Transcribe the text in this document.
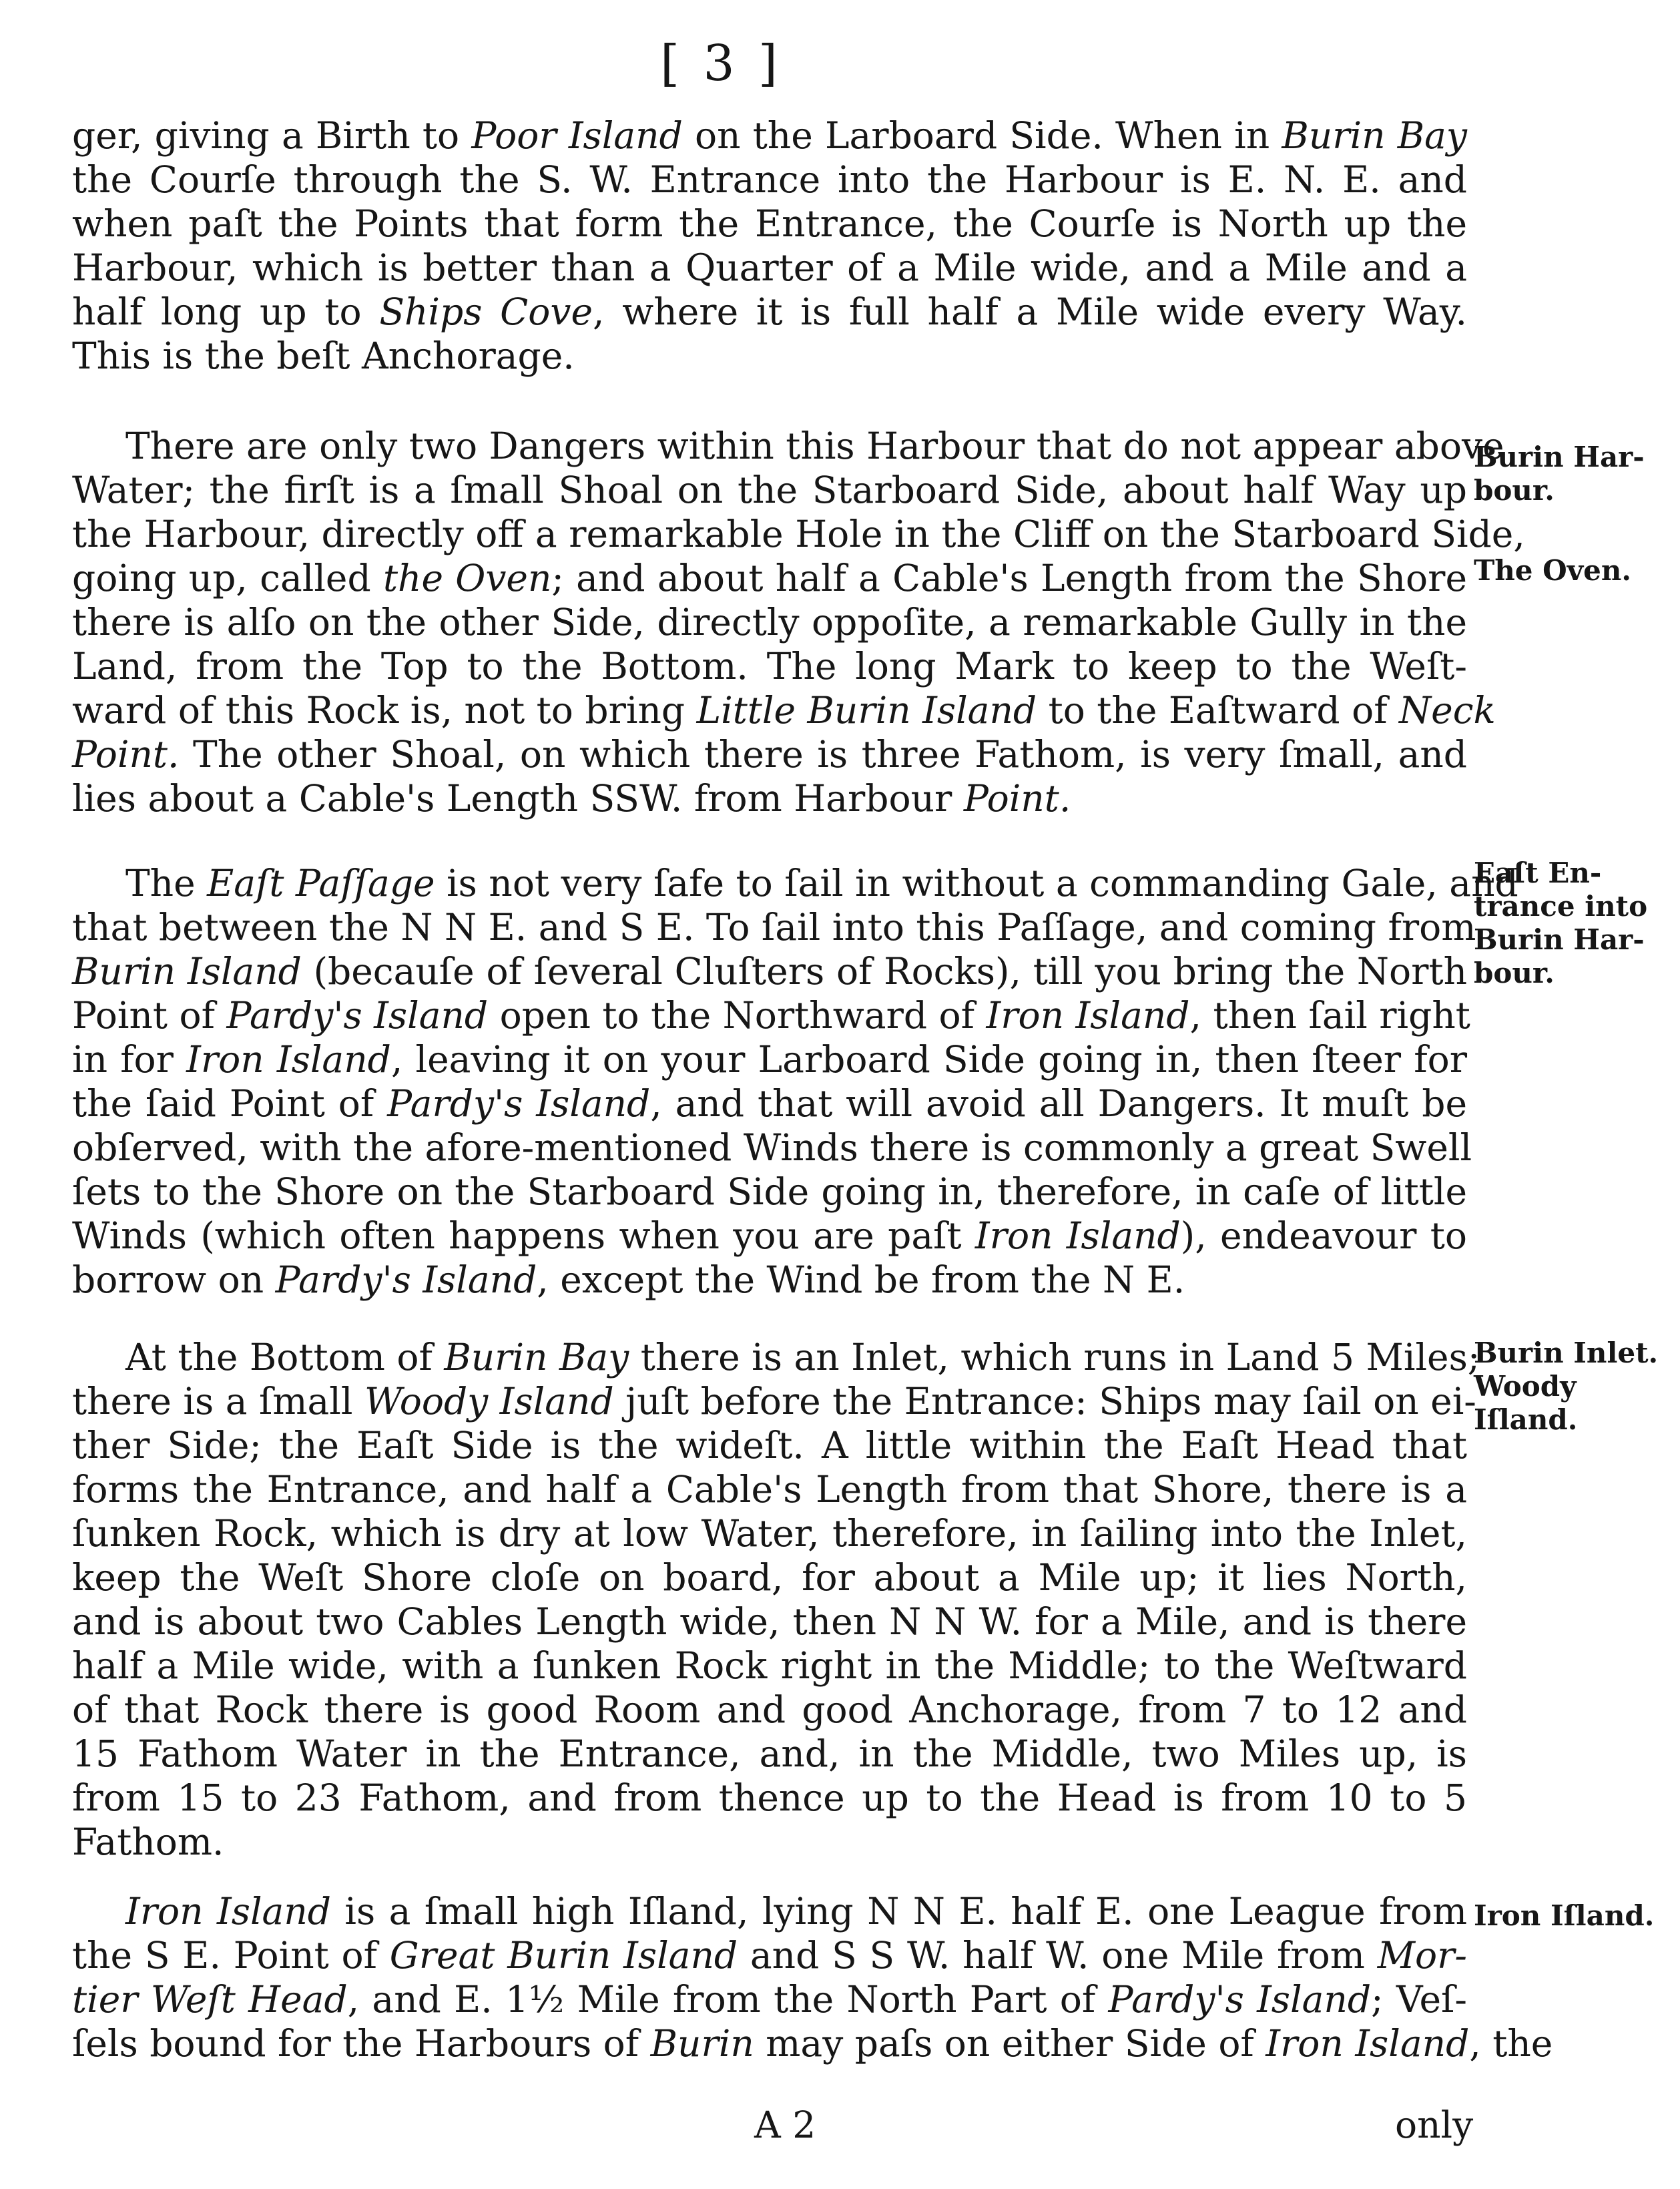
[ 3 ]

ger, giving a Birth to Poor Island on the Larboard Side. When in Burin Bay
the Courſe through the S. W. Entrance into the Harbour is E. N. E. and
when paſt the Points that form the Entrance, the Courſe is North up the
Harbour, which is better than a Quarter of a Mile wide, and a Mile and a
half long up to Ships Cove, where it is full half a Mile wide every Way.
This is the beſt Anchorage.

There are only two Dangers within this Harbour that do not appear above
Water; the firſt is a ſmall Shoal on the Starboard Side, about half Way up
the Harbour, directly off a remarkable Hole in the Cliff on the Starboard Side,
going up, called the Oven; and about half a Cable's Length from the Shore
there is alſo on the other Side, directly oppoſite, a remarkable Gully in the
Land, from the Top to the Bottom. The long Mark to keep to the Weſt-
ward of this Rock is, not to bring Little Burin Island to the Eaſtward of Neck
Point. The other Shoal, on which there is three Fathom, is very ſmall, and
lies about a Cable's Length SSW. from Harbour Point.

The Eaſt Paſſage is not very ſafe to ſail in without a commanding Gale, and
that between the N N E. and S E. To ſail into this Paſſage, and coming from
Burin Island (becauſe of ſeveral Cluſters of Rocks), till you bring the North
Point of Pardy's Island open to the Northward of Iron Island, then ſail right
in for Iron Island, leaving it on your Larboard Side going in, then ſteer for
the ſaid Point of Pardy's Island, and that will avoid all Dangers. It muſt be
obſerved, with the afore-mentioned Winds there is commonly a great Swell
ſets to the Shore on the Starboard Side going in, therefore, in caſe of little
Winds (which often happens when you are paſt Iron Island), endeavour to
borrow on Pardy's Island, except the Wind be from the N E.

At the Bottom of Burin Bay there is an Inlet, which runs in Land 5 Miles;
there is a ſmall Woody Island juſt before the Entrance: Ships may ſail on ei-
ther Side; the Eaſt Side is the wideſt. A little within the Eaſt Head that
forms the Entrance, and half a Cable's Length from that Shore, there is a
ſunken Rock, which is dry at low Water, therefore, in ſailing into the Inlet,
keep the Weſt Shore cloſe on board, for about a Mile up; it lies North,
and is about two Cables Length wide, then N N W. for a Mile, and is there
half a Mile wide, with a ſunken Rock right in the Middle; to the Weſtward
of that Rock there is good Room and good Anchorage, from 7 to 12 and
15 Fathom Water in the Entrance, and, in the Middle, two Miles up, is
from 15 to 23 Fathom, and from thence up to the Head is from 10 to 5
Fathom.

Iron Island is a ſmall high Iſland, lying N N E. half E. one League from
the S E. Point of Great Burin Island and S S W. half W. one Mile from Mor-
tier Weſt Head, and E. 1½ Mile from the North Part of Pardy's Island; Veſ-
ſels bound for the Harbours of Burin may paſs on either Side of Iron Island, the

Burin Har-
bour.
The Oven.
Eaſt En-
trance into
Burin Har-
bour.
Burin Inlet.
Woody
Iſland.
Iron Iſland.
A 2	only
